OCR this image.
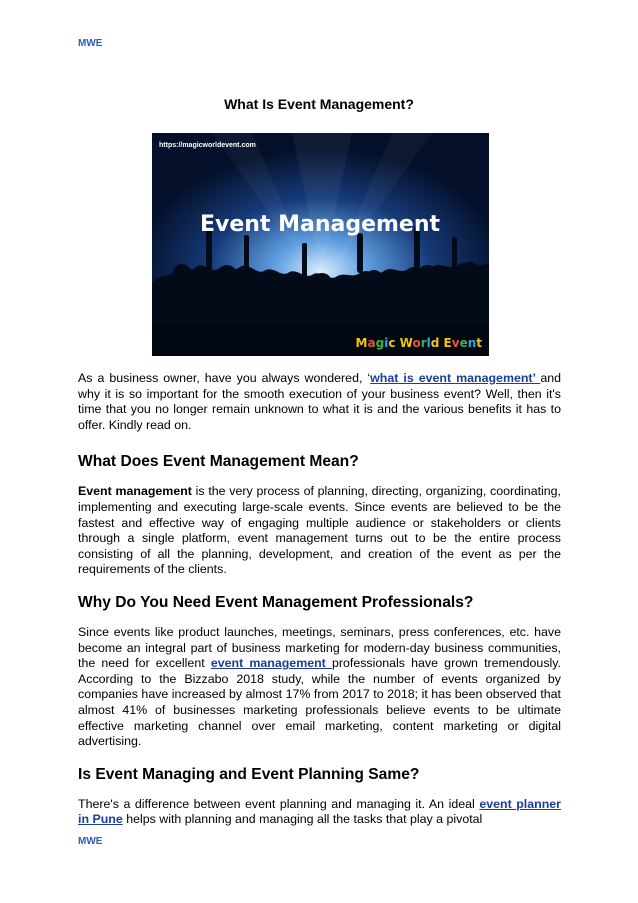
MWE
What Is Event Management?
https://magicworldevent.com
Event Management
Magic World Event

As a business owner, have you always wondered, ‘what is event management’ and why it is so important for the smooth execution of your business event? Well, then it's time that you no longer remain unknown to what it is and the various benefits it has to offer. Kindly read on.

What Does Event Management Mean?

Event management is the very process of planning, directing, organizing, coordinating, implementing and executing large-scale events. Since events are believed to be the fastest and effective way of engaging multiple audience or stakeholders or clients through a single platform, event management turns out to be the entire process consisting of all the planning, development, and creation of the event as per the requirements of the clients.

Why Do You Need Event Management Professionals?

Since events like product launches, meetings, seminars, press conferences, etc. have become an integral part of business marketing for modern-day business communities, the need for excellent event management professionals have grown tremendously. According to the Bizzabo 2018 study, while the number of events organized by companies have increased by almost 17% from 2017 to 2018; it has been observed that almost 41% of businesses marketing professionals believe events to be ultimate effective marketing channel over email marketing, content marketing or digital advertising.

Is Event Managing and Event Planning Same?

There's a difference between event planning and managing it. An ideal event planner in Pune helps with planning and managing all the tasks that play a pivotal

MWE
